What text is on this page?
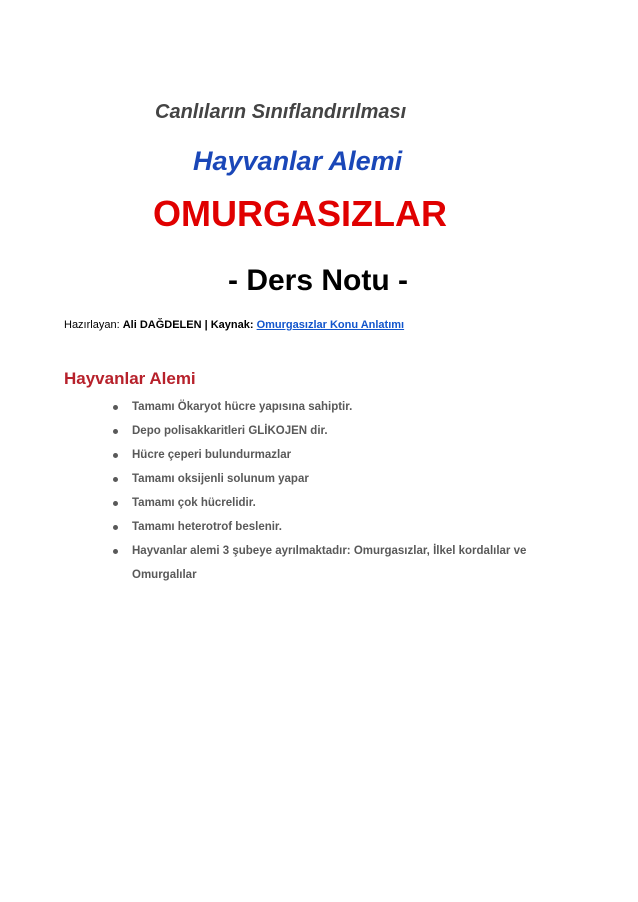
Canlıların Sınıflandırılması
Hayvanlar Alemi
OMURGASIZLAR
- Ders Notu -
Hazırlayan: Ali DAĞDELEN | Kaynak: Omurgasızlar Konu Anlatımı
Hayvanlar Alemi
Tamamı Ökaryot hücre yapısına sahiptir.
Depo polisakkaritleri GLİKOJEN dir.
Hücre çeperi bulundurmazlar
Tamamı oksijenli solunum yapar
Tamamı çok hücrelidir.
Tamamı heterotrof beslenir.
Hayvanlar alemi 3 şubeye ayrılmaktadır: Omurgasızlar, İlkel kordalılar ve Omurgalılar
